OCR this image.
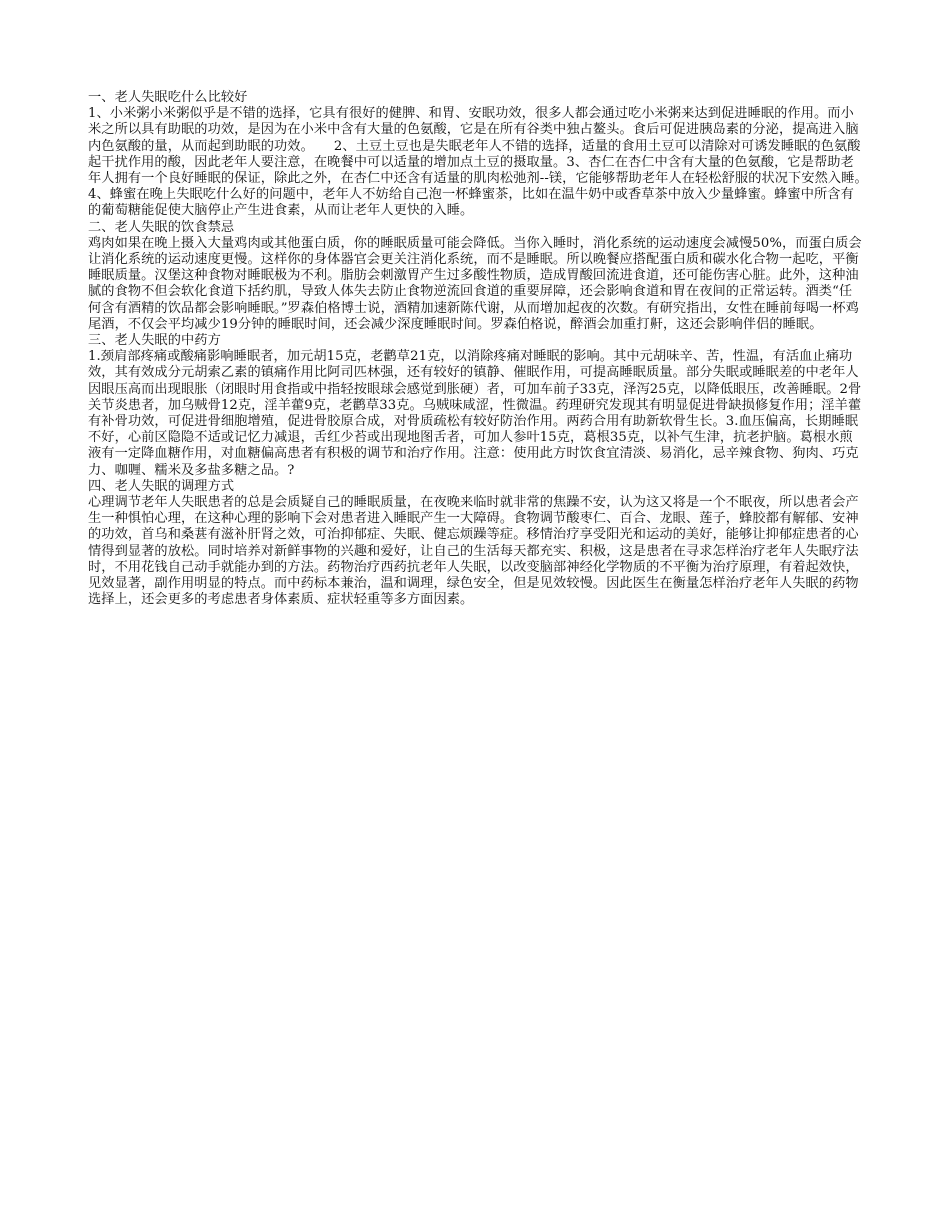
一、老人失眠吃什么比较好

1、小米粥小米粥似乎是不错的选择，它具有很好的健脾、和胃、安眠功效，很多人都会通过吃小米粥来达到促进睡眠的作用。而小米之所以具有助眠的功效，是因为在小米中含有大量的色氨酸，它是在所有谷类中独占鳌头。食后可促进胰岛素的分泌，提高进入脑内色氨酸的量，从而起到助眠的功效。　　2、土豆土豆也是失眠老年人不错的选择，适量的食用土豆可以清除对可诱发睡眠的色氨酸起干扰作用的酸，因此老年人要注意，在晚餐中可以适量的增加点土豆的摄取量。3、杏仁在杏仁中含有大量的色氨酸，它是帮助老年人拥有一个良好睡眠的保证，除此之外，在杏仁中还含有适量的肌肉松弛剂--镁，它能够帮助老年人在轻松舒服的状况下安然入睡。　　4、蜂蜜在晚上失眠吃什么好的问题中，老年人不妨给自己泡一杯蜂蜜茶，比如在温牛奶中或香草茶中放入少量蜂蜜。蜂蜜中所含有的葡萄糖能促使大脑停止产生进食素，从而让老年人更快的入睡。

二、老人失眠的饮食禁忌

鸡肉如果在晚上摄入大量鸡肉或其他蛋白质，你的睡眠质量可能会降低。当你入睡时，消化系统的运动速度会减慢50%，而蛋白质会让消化系统的运动速度更慢。这样你的身体器官会更关注消化系统，而不是睡眠。所以晚餐应搭配蛋白质和碳水化合物一起吃，平衡睡眠质量。汉堡这种食物对睡眠极为不利。脂肪会刺激胃产生过多酸性物质，造成胃酸回流进食道，还可能伤害心脏。此外，这种油腻的食物不但会软化食道下括约肌，导致人体失去防止食物逆流回食道的重要屏障，还会影响食道和胃在夜间的正常运转。酒类“任何含有酒精的饮品都会影响睡眠。”罗森伯格博士说，酒精加速新陈代谢，从而增加起夜的次数。有研究指出，女性在睡前每喝一杯鸡尾酒，不仅会平均减少19分钟的睡眠时间，还会减少深度睡眠时间。罗森伯格说，醉酒会加重打鼾，这还会影响伴侣的睡眠。

三、老人失眠的中药方

1.颈肩部疼痛或酸痛影响睡眠者，加元胡15克，老鹳草21克，以消除疼痛对睡眠的影响。其中元胡味辛、苦，性温，有活血止痛功效，其有效成分元胡索乙素的镇痛作用比阿司匹林强，还有较好的镇静、催眠作用，可提高睡眠质量。部分失眠或睡眠差的中老年人因眼压高而出现眼胀（闭眼时用食指或中指轻按眼球会感觉到胀硬）者，可加车前子33克，泽泻25克，以降低眼压，改善睡眠。2骨关节炎患者，加乌贼骨12克，淫羊藿9克，老鹳草33克。乌贼味咸涩，性微温。药理研究发现其有明显促进骨缺损修复作用；淫羊藿有补骨功效，可促进骨细胞增殖，促进骨胶原合成，对骨质疏松有较好防治作用。两药合用有助新软骨生长。3.血压偏高，长期睡眠不好，心前区隐隐不适或记忆力减退，舌红少苔或出现地图舌者，可加人参叶15克，葛根35克，以补气生津，抗老护脑。葛根水煎液有一定降血糖作用，对血糖偏高患者有积极的调节和治疗作用。注意：使用此方时饮食宜清淡、易消化，忌辛辣食物、狗肉、巧克力、咖喱、糯米及多盐多糖之品。?

四、老人失眠的调理方式

心理调节老年人失眠患者的总是会质疑自己的睡眠质量，在夜晚来临时就非常的焦躁不安，认为这又将是一个不眠夜，所以患者会产生一种惧怕心理，在这种心理的影响下会对患者进入睡眠产生一大障碍。食物调节酸枣仁、百合、龙眼、莲子，蜂胶都有解郁、安神的功效，首乌和桑葚有滋补肝肾之效，可治抑郁症、失眠、健忘烦躁等症。移情治疗享受阳光和运动的美好，能够让抑郁症患者的心情得到显著的放松。同时培养对新鲜事物的兴趣和爱好，让自己的生活每天都充实、积极，这是患者在寻求怎样治疗老年人失眠疗法时，不用花钱自己动手就能办到的方法。药物治疗西药抗老年人失眠，以改变脑部神经化学物质的不平衡为治疗原理，有着起效快，见效显著，副作用明显的特点。而中药标本兼治，温和调理，绿色安全，但是见效较慢。因此医生在衡量怎样治疗老年人失眠的药物选择上，还会更多的考虑患者身体素质、症状轻重等多方面因素。
